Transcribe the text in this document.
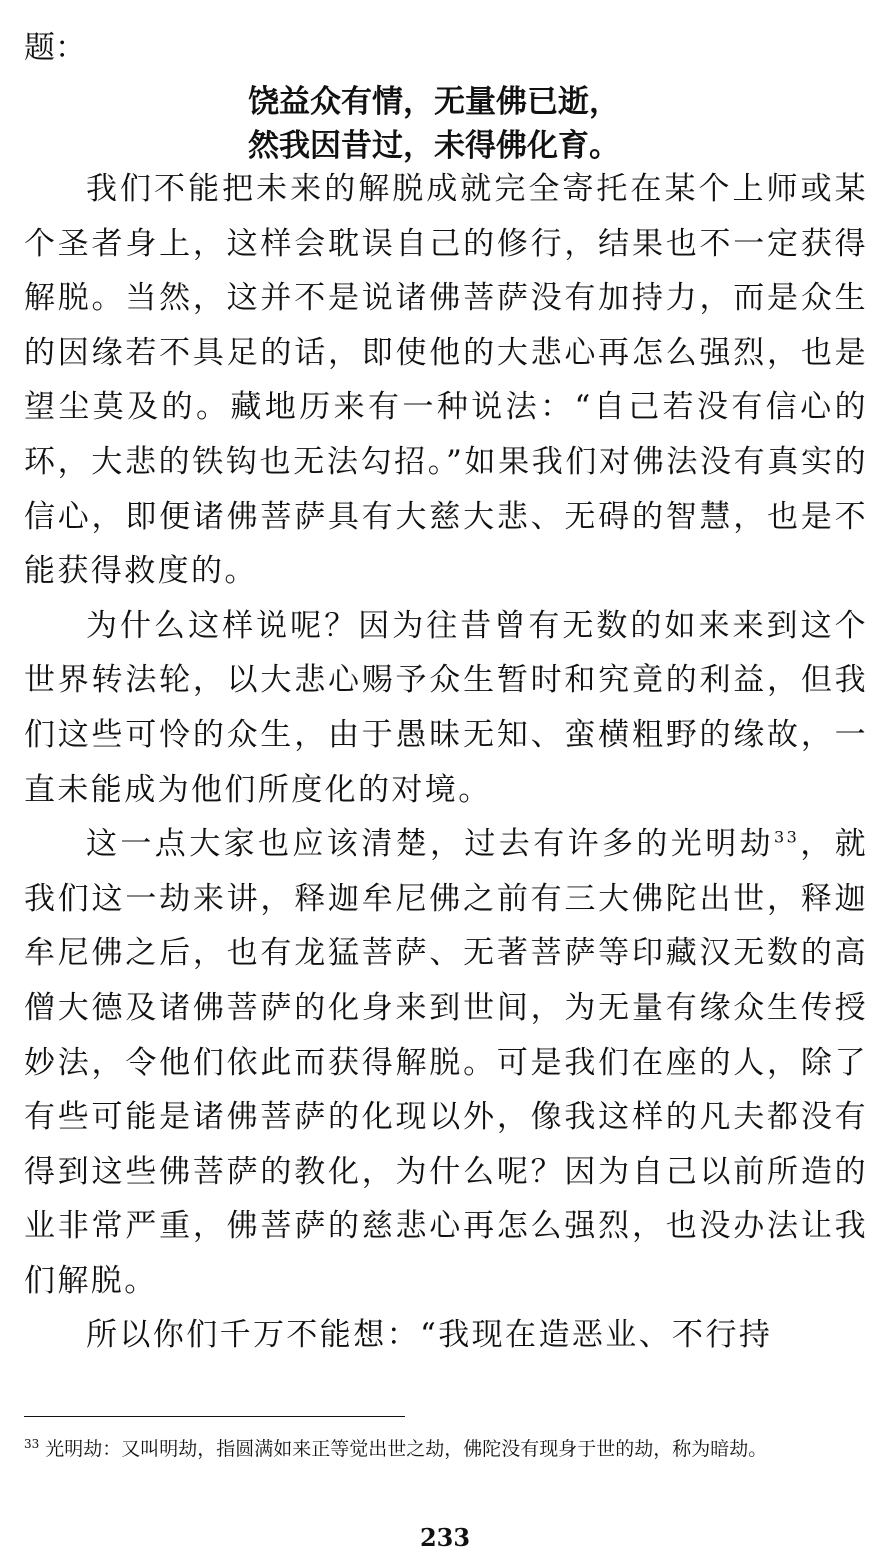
题：
饶益众有情，无量佛已逝，
然我因昔过，未得佛化育。

我们不能把未来的解脱成就完全寄托在某个上师或某个圣者身上，这样会耽误自己的修行，结果也不一定获得解脱。当然，这并不是说诸佛菩萨没有加持力，而是众生的因缘若不具足的话，即使他的大悲心再怎么强烈，也是望尘莫及的。藏地历来有一种说法：“自己若没有信心的环，大悲的铁钩也无法勾招。”如果我们对佛法没有真实的信心，即便诸佛菩萨具有大慈大悲、无碍的智慧，也是不能获得救度的。

为什么这样说呢？因为往昔曾有无数的如来来到这个世界转法轮，以大悲心赐予众生暂时和究竟的利益，但我们这些可怜的众生，由于愚昧无知、蛮横粗野的缘故，一直未能成为他们所度化的对境。

这一点大家也应该清楚，过去有许多的光明劫$^{33}$，就我们这一劫来讲，释迦牟尼佛之前有三大佛陀出世，释迦牟尼佛之后，也有龙猛菩萨、无著菩萨等印藏汉无数的高僧大德及诸佛菩萨的化身来到世间，为无量有缘众生传授妙法，令他们依此而获得解脱。可是我们在座的人，除了有些可能是诸佛菩萨的化现以外，像我这样的凡夫都没有得到这些佛菩萨的教化，为什么呢？因为自己以前所造的业非常严重，佛菩萨的慈悲心再怎么强烈，也没办法让我们解脱。

所以你们千万不能想：“我现在造恶业、不行持

$^{33}$ 光明劫：又叫明劫，指圆满如来正等觉出世之劫，佛陀没有现身于世的劫，称为暗劫。
233
